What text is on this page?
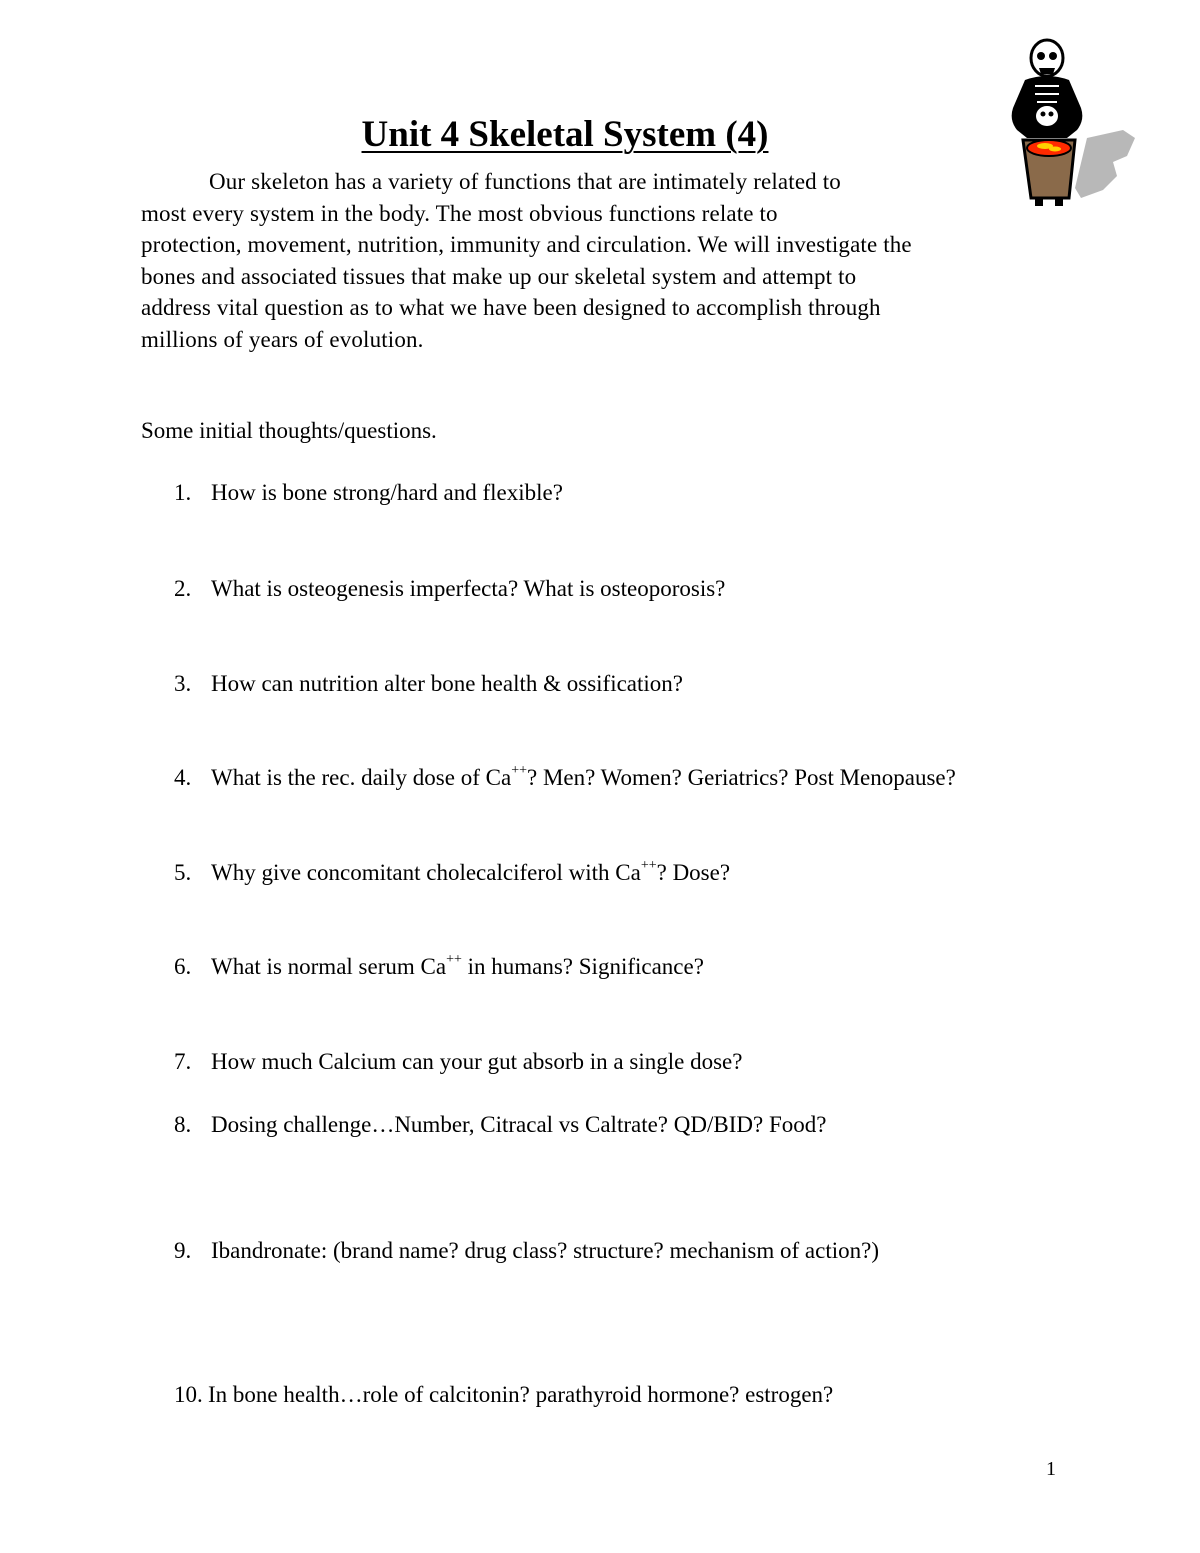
Unit 4 Skeletal System (4)
Our skeleton has a variety of functions that are intimately related to
most every system in the body. The most obvious functions relate to
protection, movement, nutrition, immunity and circulation. We will investigate the
bones and associated tissues that make up our skeletal system and attempt to
address vital question as to what we have been designed to accomplish through
millions of years of evolution.

Some initial thoughts/questions.

1. How is bone strong/hard and flexible?
2. What is osteogenesis imperfecta? What is osteoporosis?
3. How can nutrition alter bone health & ossification?
4. What is the rec. daily dose of Ca++? Men? Women? Geriatrics? Post Menopause?
5. Why give concomitant cholecalciferol with Ca++? Dose?
6. What is normal serum Ca++ in humans? Significance?
7. How much Calcium can your gut absorb in a single dose?
8. Dosing challenge…Number, Citracal vs Caltrate? QD/BID? Food?
9. Ibandronate: (brand name? drug class? structure? mechanism of action?)
10. In bone health…role of calcitonin? parathyroid hormone? estrogen?

1
